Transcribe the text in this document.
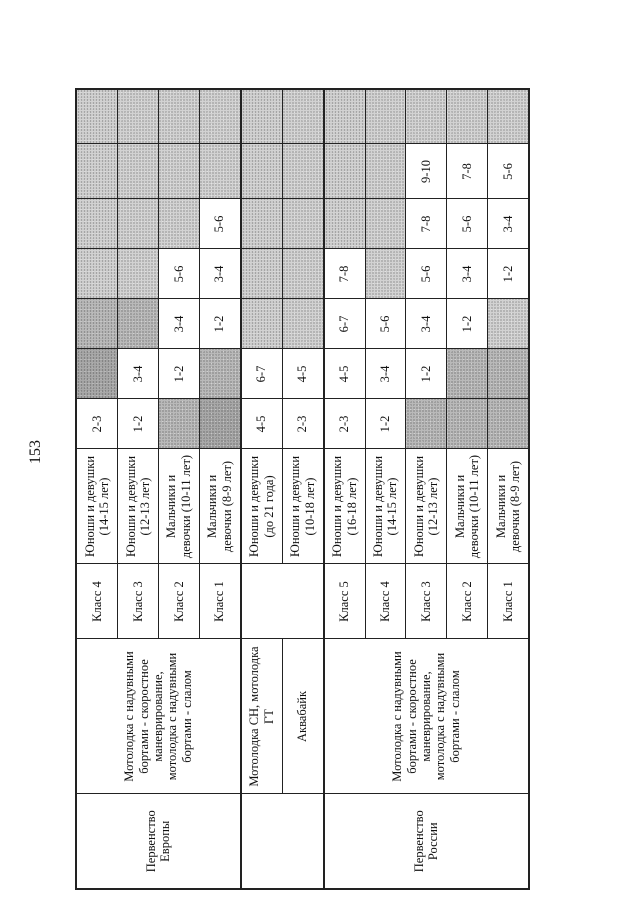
153
Первенство Европы	Мотолодка с надувными бортами - скоростное маневрирование, мотолодка с надувными бортами - слалом	Класс 4	Юноши и девушки (14-15 лет)	2-3						
		Класс 3	Юноши и девушки (12-13 лет)	1-2	3-4					
		Класс 2	Мальчики и девочки (10-11 лет)		1-2	3-4	5-6			
		Класс 1	Мальчики и девочки (8-9 лет)			1-2	3-4	5-6		
	Мотолодка СН, мотолодка ГТ		Юноши и девушки (до 21 года)	4-5	6-7					
	Аквабайк		Юноши и девушки (10-18 лет)	2-3	4-5					
Первенство России	Мотолодка с надувными бортами - скоростное маневрирование, мотолодка с надувными бортами - слалом	Класс 5	Юноши и девушки (16-18 лет)	2-3	4-5	6-7	7-8			
		Класс 4	Юноши и девушки (14-15 лет)	1-2	3-4	5-6				
		Класс 3	Юноши и девушки (12-13 лет)		1-2	3-4	5-6	7-8	9-10	
		Класс 2	Мальчики и девочки (10-11 лет)			1-2	3-4	5-6	7-8	
		Класс 1	Мальчики и девочки (8-9 лет)				1-2	3-4	5-6	
